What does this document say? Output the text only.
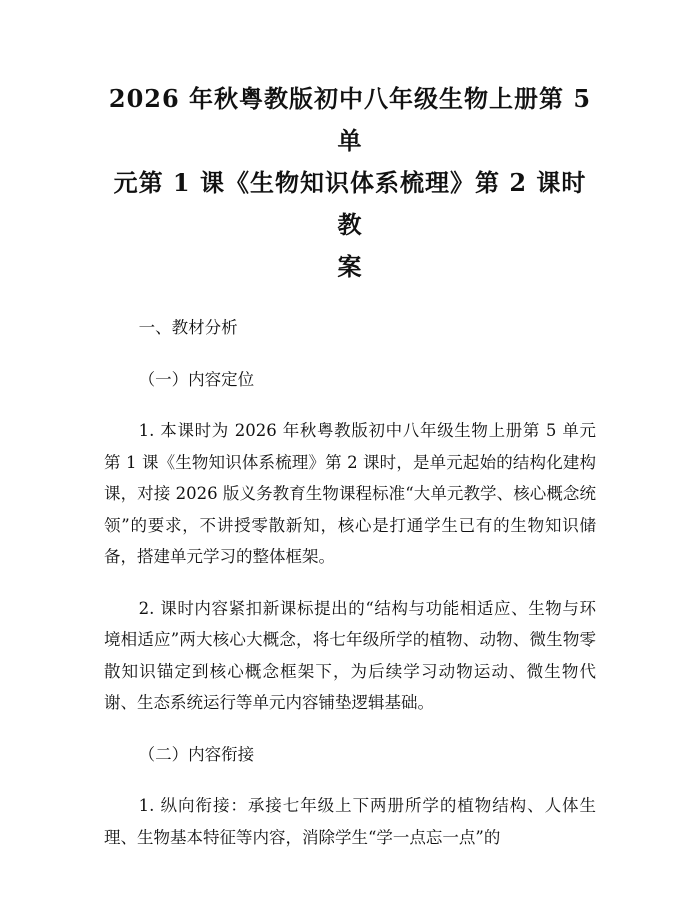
2026 年秋粤教版初中八年级生物上册第 5 单
元第 1 课《生物知识体系梳理》第 2 课时教
案

一、教材分析

（一）内容定位

1. 本课时为 2026 年秋粤教版初中八年级生物上册第 5 单元第 1 课《生物知识体系梳理》第 2 课时，是单元起始的结构化建构课，对接 2026 版义务教育生物课程标准“大单元教学、核心概念统领”的要求，不讲授零散新知，核心是打通学生已有的生物知识储备，搭建单元学习的整体框架。

2. 课时内容紧扣新课标提出的“结构与功能相适应、生物与环境相适应”两大核心大概念，将七年级所学的植物、动物、微生物零散知识锚定到核心概念框架下，为后续学习动物运动、微生物代谢、生态系统运行等单元内容铺垫逻辑基础。

（二）内容衔接

1. 纵向衔接：承接七年级上下两册所学的植物结构、人体生理、生物基本特征等内容，消除学生“学一点忘一点”的
